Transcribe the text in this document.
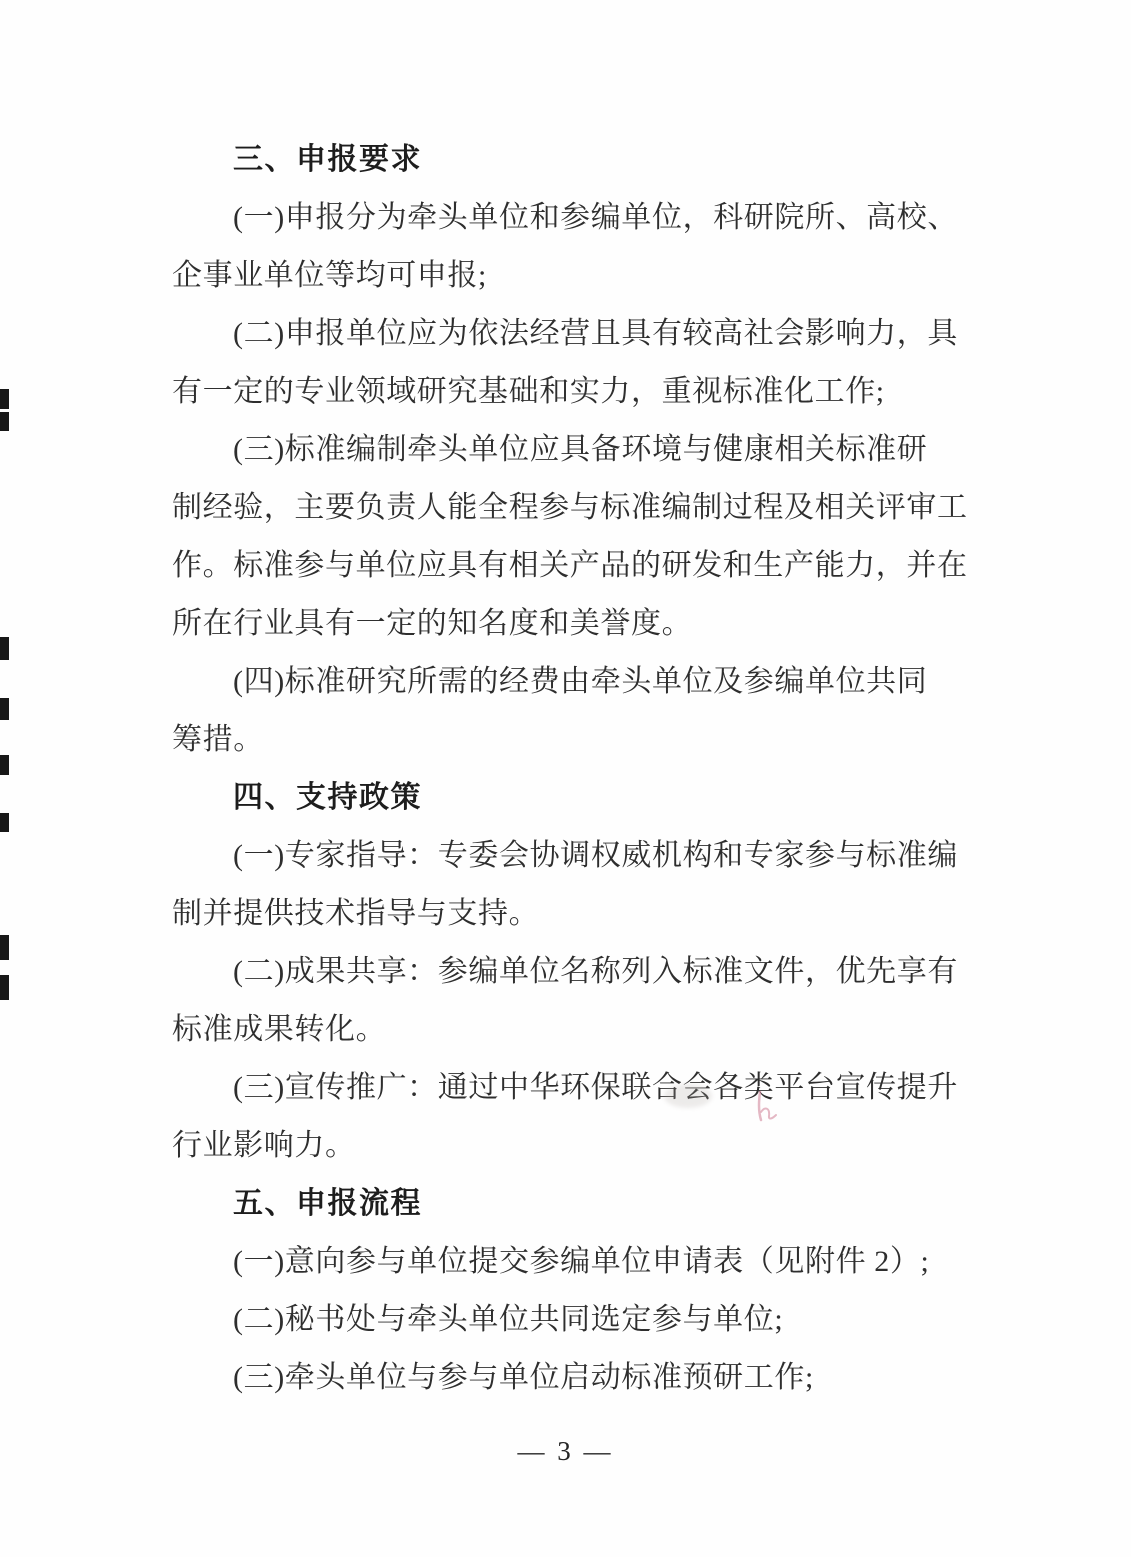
三、申报要求
(一)申报分为牵头单位和参编单位，科研院所、高校、
企事业单位等均可申报;
(二)申报单位应为依法经营且具有较高社会影响力，具
有一定的专业领域研究基础和实力，重视标准化工作;
(三)标准编制牵头单位应具备环境与健康相关标准研
制经验，主要负责人能全程参与标准编制过程及相关评审工
作。标准参与单位应具有相关产品的研发和生产能力，并在
所在行业具有一定的知名度和美誉度。
(四)标准研究所需的经费由牵头单位及参编单位共同
筹措。
四、支持政策
(一)专家指导：专委会协调权威机构和专家参与标准编
制并提供技术指导与支持。
(二)成果共享：参编单位名称列入标准文件，优先享有
标准成果转化。
(三)宣传推广：通过中华环保联合会各类平台宣传提升
行业影响力。
五、申报流程
(一)意向参与单位提交参编单位申请表（见附件 2）;
(二)秘书处与牵头单位共同选定参与单位;
(三)牵头单位与参与单位启动标准预研工作;
— 3 —
